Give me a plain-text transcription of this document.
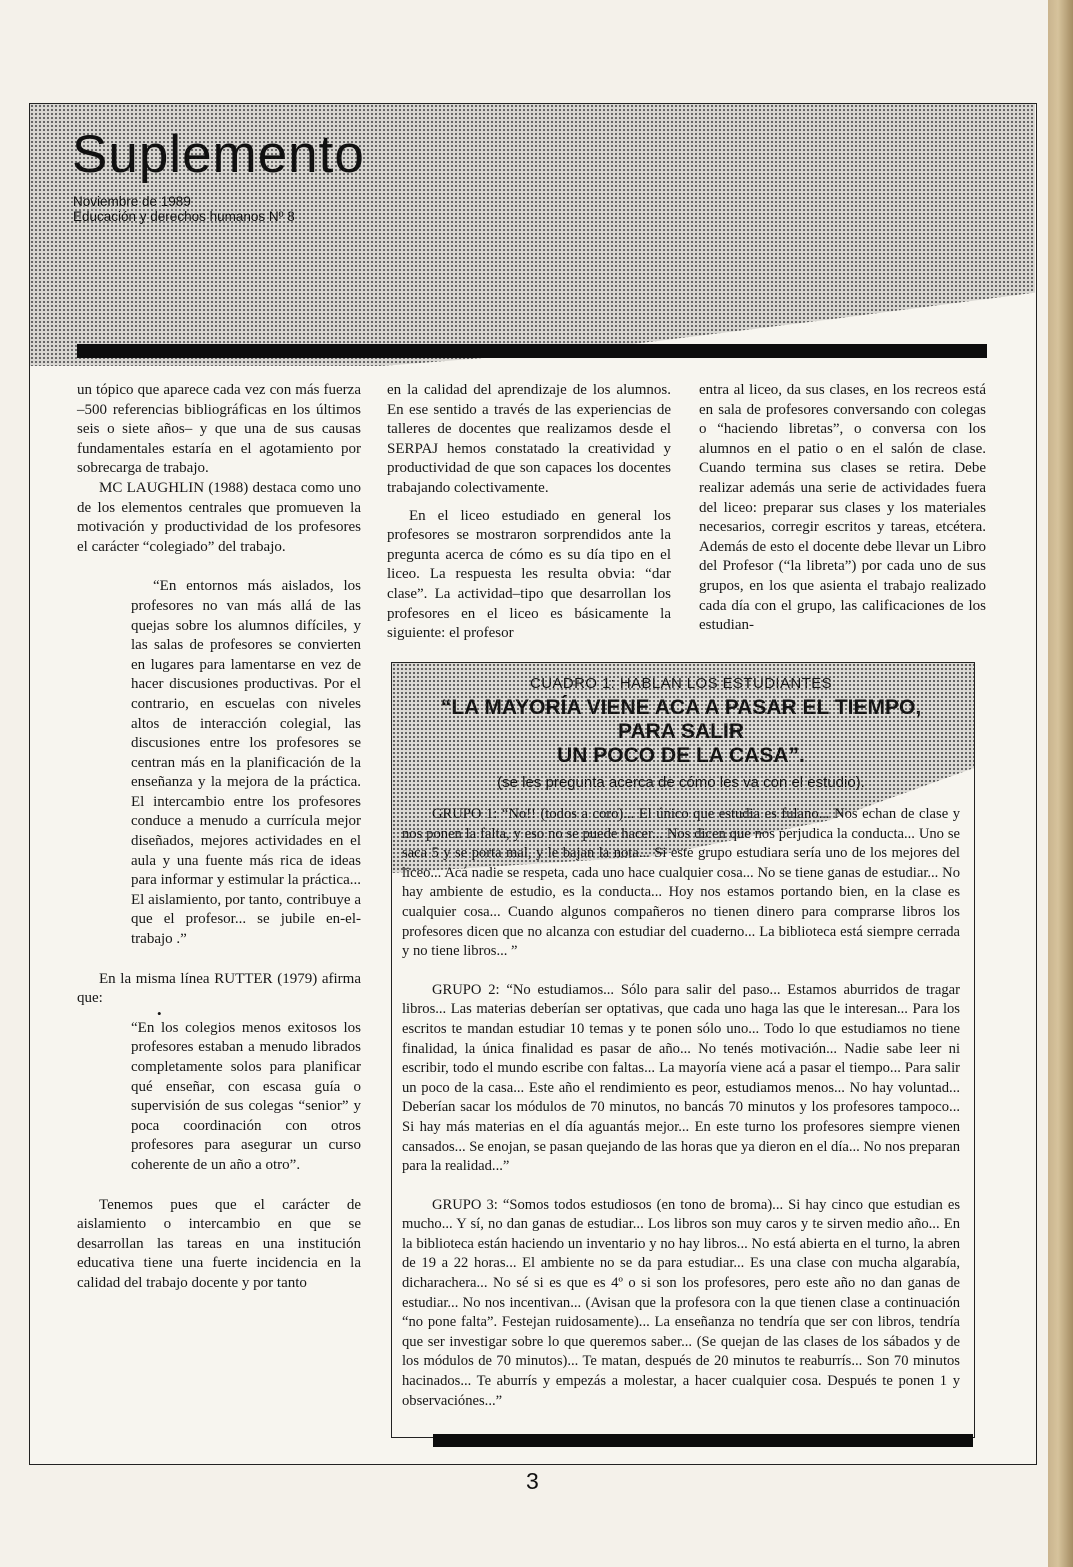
Suplemento
Noviembre de 1989
Educación y derechos humanos Nº 8

un tópico que aparece cada vez con más fuerza –500 referencias bibliográficas en los últimos seis o siete años– y que una de sus causas fundamentales estaría en el agotamiento por sobrecarga de trabajo.

MC LAUGHLIN (1988) destaca como uno de los elementos centrales que promueven la motivación y productividad de los profesores el carácter “colegiado” del trabajo.

“En entornos más aislados, los profesores no van más allá de las quejas sobre los alumnos difíciles, y las salas de profesores se convierten en lugares para lamentarse en vez de hacer discusiones productivas. Por el contrario, en escuelas con niveles altos de interacción colegial, las discusiones entre los profesores se centran más en la planificación de la enseñanza y la mejora de la práctica. El intercambio entre los profesores conduce a menudo a currícula mejor diseñados, mejores actividades en el aula y una fuente más rica de ideas para informar y estimular la práctica... El aislamiento, por tanto, contribuye a que el profesor... se jubile en-el-trabajo .”

En la misma línea RUTTER (1979) afirma que:

•

“En los colegios menos exitosos los profesores estaban a menudo librados completamente solos para planificar qué enseñar, con escasa guía o supervisión de sus colegas “senior” y poca coordinación con otros profesores para asegurar un curso coherente de un año a otro”.

Tenemos pues que el carácter de aislamiento o intercambio en que se desarrollan las tareas en una institución educativa tiene una fuerte incidencia en la calidad del trabajo docente y por tanto

en la calidad del aprendizaje de los alumnos. En ese sentido a través de las experiencias de talleres de docentes que realizamos desde el SERPAJ hemos constatado la creatividad y productividad de que son capaces los docentes trabajando colectivamente.

En el liceo estudiado en general los profesores se mostraron sorprendidos ante la pregunta acerca de cómo es su día tipo en el liceo. La respuesta les resulta obvia: “dar clase”. La actividad–tipo que desarrollan los profesores en el liceo es básicamente la siguiente: el profesor

entra al liceo, da sus clases, en los recreos está en sala de profesores conversando con colegas o “haciendo libretas”, o conversa con los alumnos en el patio o en el salón de clase. Cuando termina sus clases se retira. Debe realizar además una serie de actividades fuera del liceo: preparar sus clases y los materiales necesarios, corregir escritos y tareas, etcétera. Además de esto el docente debe llevar un Libro del Profesor (“la libreta”) por cada uno de sus grupos, en los que asienta el trabajo realizado cada día con el grupo, las calificaciones de los estudian-

CUADRO 1: HABLAN LOS ESTUDIANTES

“LA MAYORÍA VIENE ACA A PASAR EL TIEMPO,

PARA SALIR

UN POCO DE LA CASA”.

(se les pregunta acerca de cómo les va con el estudio).

GRUPO 1: “No!! (todos a coro)... El único que estudia es fulano... Nos echan de clase y nos ponen la falta, y eso no se puede hacer... Nos dicen que nos perjudica la conducta... Uno se saca 5 y se porta mal, y le bajan la nota... Si este grupo estudiara sería uno de los mejores del liceo... Acá nadie se respeta, cada uno hace cualquier cosa... No se tiene ganas de estudiar... No hay ambiente de estudio, es la conducta... Hoy nos estamos portando bien, en la clase es cualquier cosa... Cuando algunos compañeros no tienen dinero para comprarse libros los profesores dicen que no alcanza con estudiar del cuaderno... La biblioteca está siempre cerrada y no tiene libros... ”

GRUPO 2: “No estudiamos... Sólo para salir del paso... Estamos aburridos de tragar libros... Las materias deberían ser optativas, que cada uno haga las que le interesan... Para los escritos te mandan estudiar 10 temas y te ponen sólo uno... Todo lo que estudiamos no tiene finalidad, la única finalidad es pasar de año... No tenés motivación... Nadie sabe leer ni escribir, todo el mundo escribe con faltas... La mayoría viene acá a pasar el tiempo... Para salir un poco de la casa... Este año el rendimiento es peor, estudiamos menos... No hay voluntad... Deberían sacar los módulos de 70 minutos, no bancás 70 minutos y los profesores tampoco... Si hay más materias en el día aguantás mejor... En este turno los profesores siempre vienen cansados... Se enojan, se pasan quejando de las horas que ya dieron en el día... No nos preparan para la realidad...”

GRUPO 3: “Somos todos estudiosos (en tono de broma)... Si hay cinco que estudian es mucho... Y sí, no dan ganas de estudiar... Los libros son muy caros y te sirven medio año... En la biblioteca están haciendo un inventario y no hay libros... No está abierta en el turno, la abren de 19 a 22 horas... El ambiente no se da para estudiar... Es una clase con mucha algarabía, dicharachera... No sé si es que es 4º o si son los profesores, pero este año no dan ganas de estudiar... No nos incentivan... (Avisan que la profesora con la que tienen clase a continuación “no pone falta”. Festejan ruidosamente)... La enseñanza no tendría que ser con libros, tendría que ser investigar sobre lo que queremos saber... (Se quejan de las clases de los sábados y de los módulos de 70 minutos)... Te matan, después de 20 minutos te reaburrís... Son 70 minutos hacinados... Te aburrís y empezás a molestar, a hacer cualquier cosa. Después te ponen 1 y observaciónes...”

3
